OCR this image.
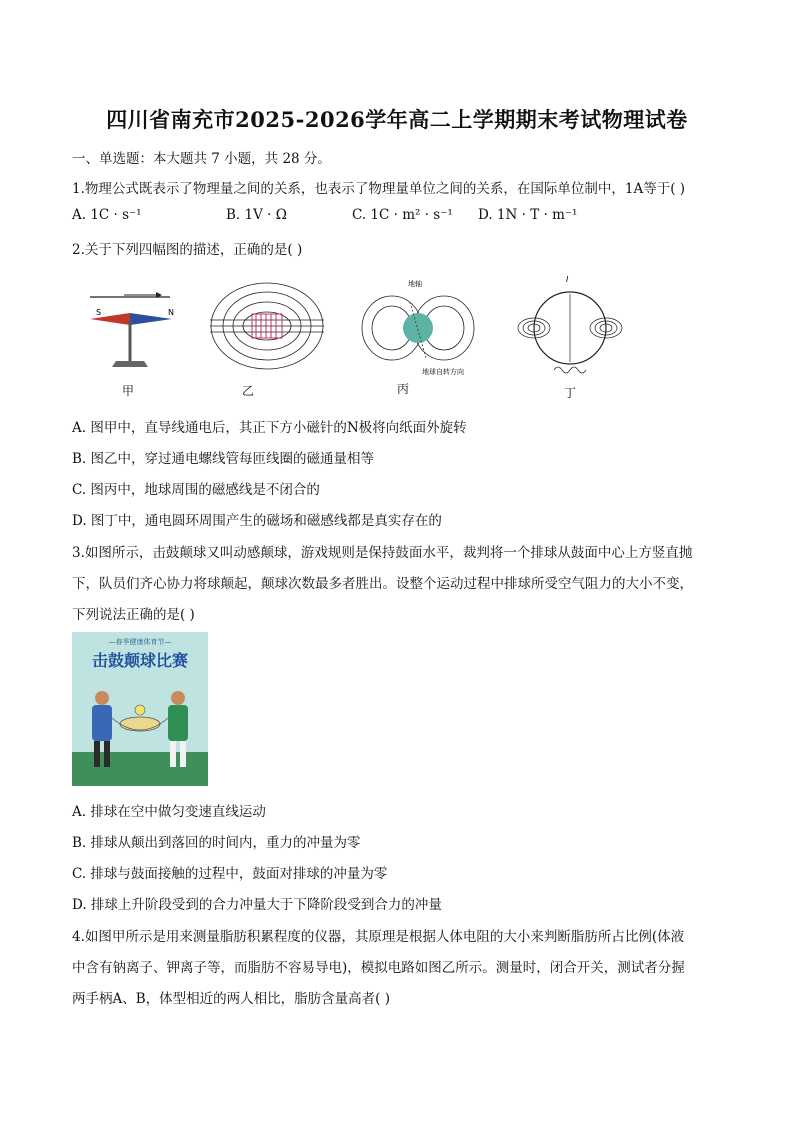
四川省南充市2025-2026学年高二上学期期末考试物理试卷
一、单选题：本大题共 7 小题，共 28 分。
1.物理公式既表示了物理量之间的关系，也表示了物理量单位之间的关系，在国际单位制中，1A等于( )
A. 1C · s⁻¹	B. 1V · Ω	C. 1C · m² · s⁻¹ D. 1N · T · m⁻¹
2.关于下列四幅图的描述，正确的是( )
S	N
甲	乙
地轴
地球自转方向
丙
I
丁
A. 图甲中，直导线通电后，其正下方小磁针的N极将向纸面外旋转
B. 图乙中，穿过通电螺线管每匝线圈的磁通量相等
C. 图丙中，地球周围的磁感线是不闭合的
D. 图丁中，通电圆环周围产生的磁场和磁感线都是真实存在的
3.如图所示，击鼓颠球又叫动感颠球，游戏规则是保持鼓面水平，裁判将一个排球从鼓面中心上方竖直抛
下，队员们齐心协力将球颠起，颠球次数最多者胜出。设整个运动过程中排球所受空气阻力的大小不变，
下列说法正确的是( )
—春季健康体育节—
击鼓颠球比赛
A. 排球在空中做匀变速直线运动
B. 排球从颠出到落回的时间内，重力的冲量为零
C. 排球与鼓面接触的过程中，鼓面对排球的冲量为零
D. 排球上升阶段受到的合力冲量大于下降阶段受到合力的冲量
4.如图甲所示是用来测量脂肪积累程度的仪器，其原理是根据人体电阻的大小来判断脂肪所占比例(体液
中含有钠离子、钾离子等，而脂肪不容易导电)，模拟电路如图乙所示。测量时，闭合开关，测试者分握
两手柄A、B，体型相近的两人相比，脂肪含量高者( )
